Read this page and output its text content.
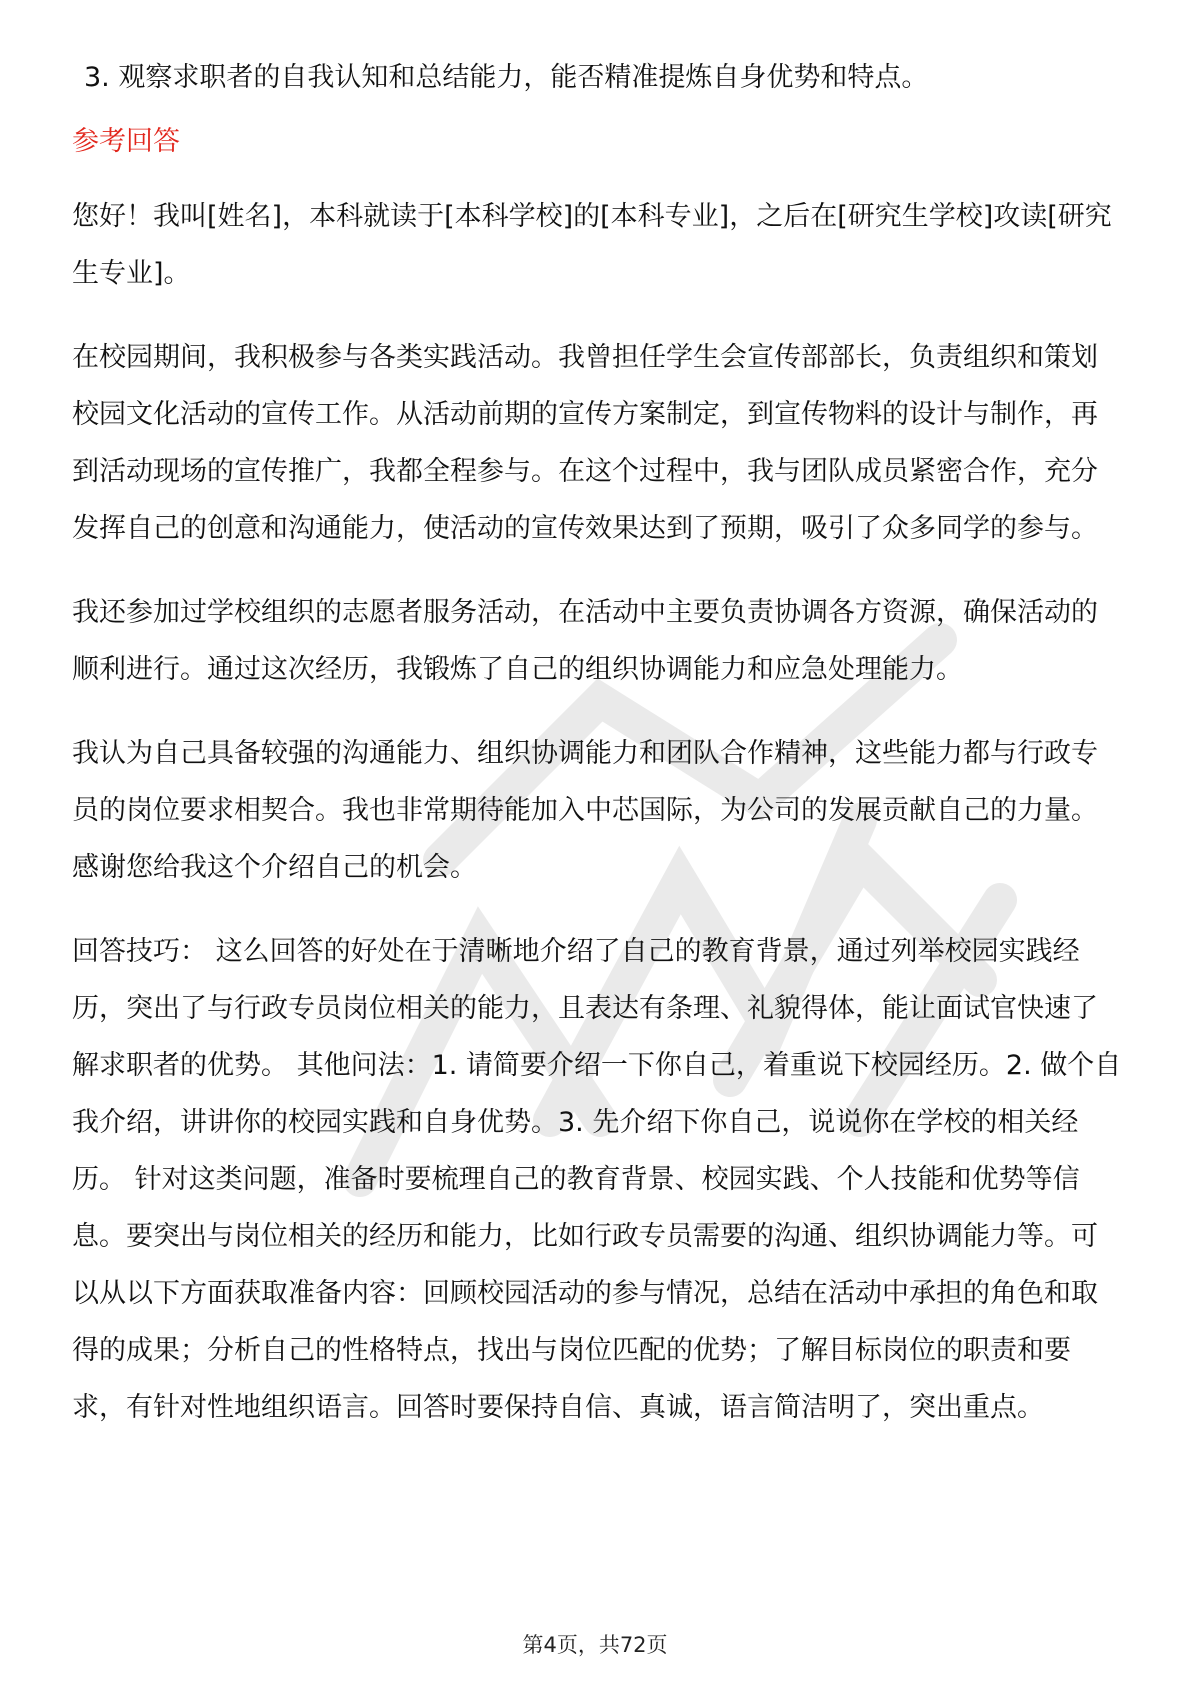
3. 观察求职者的自我认知和总结能力，能否精准提炼自身优势和特点。
参考回答
您好！我叫[姓名]，本科就读于[本科学校]的[本科专业]，之后在[研究生学校]攻读[研究生专业]。
在校园期间，我积极参与各类实践活动。我曾担任学生会宣传部部长，负责组织和策划校园文化活动的宣传工作。从活动前期的宣传方案制定，到宣传物料的设计与制作，再到活动现场的宣传推广，我都全程参与。在这个过程中，我与团队成员紧密合作，充分发挥自己的创意和沟通能力，使活动的宣传效果达到了预期，吸引了众多同学的参与。
我还参加过学校组织的志愿者服务活动，在活动中主要负责协调各方资源，确保活动的顺利进行。通过这次经历，我锻炼了自己的组织协调能力和应急处理能力。
我认为自己具备较强的沟通能力、组织协调能力和团队合作精神，这些能力都与行政专员的岗位要求相契合。我也非常期待能加入中芯国际，为公司的发展贡献自己的力量。感谢您给我这个介绍自己的机会。
回答技巧： 这么回答的好处在于清晰地介绍了自己的教育背景，通过列举校园实践经历，突出了与行政专员岗位相关的能力，且表达有条理、礼貌得体，能让面试官快速了解求职者的优势。 其他问法：1. 请简要介绍一下你自己，着重说下校园经历。2. 做个自我介绍，讲讲你的校园实践和自身优势。3. 先介绍下你自己，说说你在学校的相关经历。 针对这类问题，准备时要梳理自己的教育背景、校园实践、个人技能和优势等信息。要突出与岗位相关的经历和能力，比如行政专员需要的沟通、组织协调能力等。可以从以下方面获取准备内容：回顾校园活动的参与情况，总结在活动中承担的角色和取得的成果；分析自己的性格特点，找出与岗位匹配的优势；了解目标岗位的职责和要求，有针对性地组织语言。回答时要保持自信、真诚，语言简洁明了，突出重点。
第4页，共72页
